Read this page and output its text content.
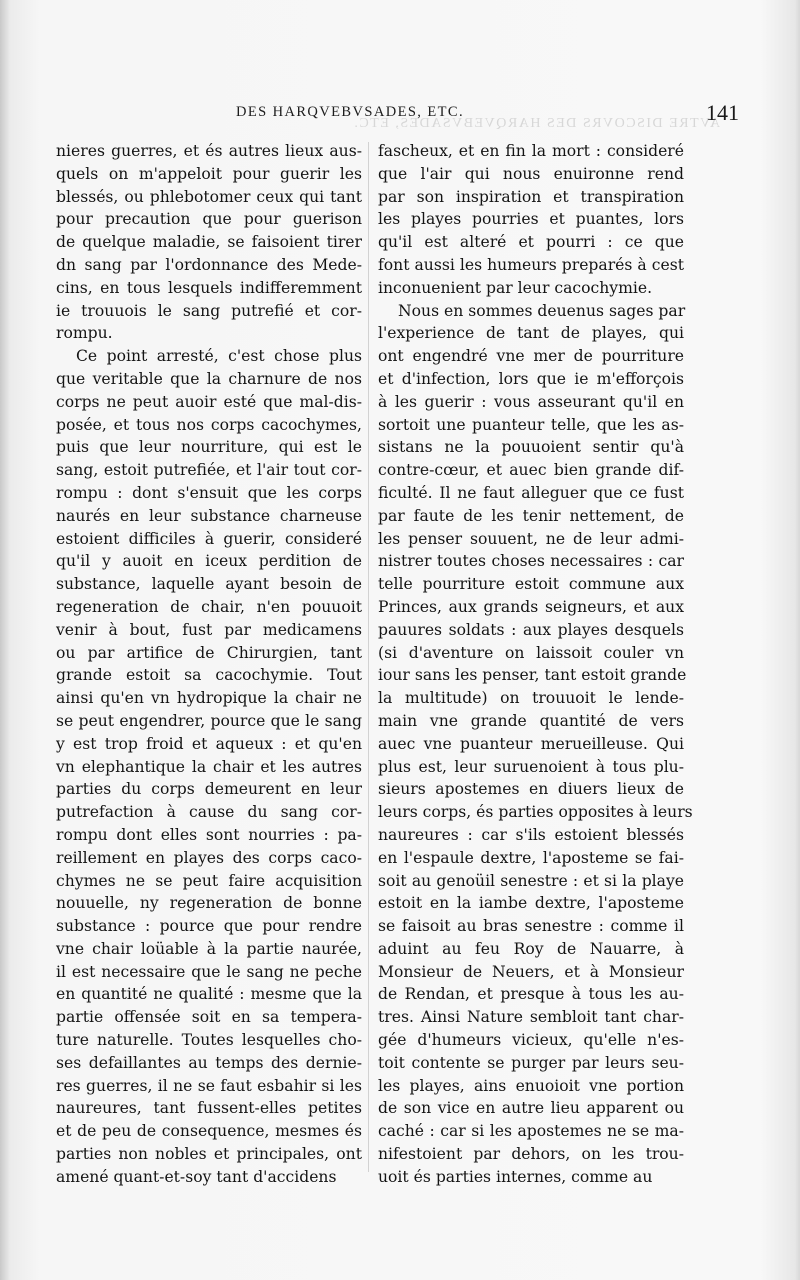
AVTRE DISCOVRS DES HARQVEBVSADES, ETC.
DES HARQVEBVSADES, ETC.	141
nieres guerres, et és autres lieux aus-
quels on m'appeloit pour guerir les
blessés, ou phlebotomer ceux qui tant
pour precaution que pour guerison
de quelque maladie, se faisoient tirer
dn sang par l'ordonnance des Mede-
cins, en tous lesquels indifferemment
ie trouuois le sang putrefié et cor-
rompu.
Ce point arresté, c'est chose plus
que veritable que la charnure de nos
corps ne peut auoir esté que mal-dis-
posée, et tous nos corps cacochymes,
puis que leur nourriture, qui est le
sang, estoit putrefiée, et l'air tout cor-
rompu : dont s'ensuit que les corps
naurés en leur substance charneuse
estoient difficiles à guerir, consideré
qu'il y auoit en iceux perdition de
substance, laquelle ayant besoin de
regeneration de chair, n'en pouuoit
venir à bout, fust par medicamens
ou par artifice de Chirurgien, tant
grande estoit sa cacochymie. Tout
ainsi qu'en vn hydropique la chair ne
se peut engendrer, pource que le sang
y est trop froid et aqueux : et qu'en
vn elephantique la chair et les autres
parties du corps demeurent en leur
putrefaction à cause du sang cor-
rompu dont elles sont nourries : pa-
reillement en playes des corps caco-
chymes ne se peut faire acquisition
nouuelle, ny regeneration de bonne
substance : pource que pour rendre
vne chair loüable à la partie naurée,
il est necessaire que le sang ne peche
en quantité ne qualité : mesme que la
partie offensée soit en sa tempera-
ture naturelle. Toutes lesquelles cho-
ses defaillantes au temps des dernie-
res guerres, il ne se faut esbahir si les
naureures, tant fussent-elles petites
et de peu de consequence, mesmes és
parties non nobles et principales, ont
amené quant-et-soy tant d'accidens
fascheux, et en fin la mort : consideré
que l'air qui nous enuironne rend
par son inspiration et transpiration
les playes pourries et puantes, lors
qu'il est alteré et pourri : ce que
font aussi les humeurs preparés à cest
inconuenient par leur cacochymie.
Nous en sommes deuenus sages par
l'experience de tant de playes, qui
ont engendré vne mer de pourriture
et d'infection, lors que ie m'efforçois
à les guerir : vous asseurant qu'il en
sortoit une puanteur telle, que les as-
sistans ne la pouuoient sentir qu'à
contre-cœur, et auec bien grande dif-
ficulté. Il ne faut alleguer que ce fust
par faute de les tenir nettement, de
les penser souuent, ne de leur admi-
nistrer toutes choses necessaires : car
telle pourriture estoit commune aux
Princes, aux grands seigneurs, et aux
pauures soldats : aux playes desquels
(si d'aventure on laissoit couler vn
iour sans les penser, tant estoit grande
la multitude) on trouuoit le lende-
main vne grande quantité de vers
auec vne puanteur merueilleuse. Qui
plus est, leur suruenoient à tous plu-
sieurs apostemes en diuers lieux de
leurs corps, és parties opposites à leurs
naureures : car s'ils estoient blessés
en l'espaule dextre, l'aposteme se fai-
soit au genoüil senestre : et si la playe
estoit en la iambe dextre, l'aposteme
se faisoit au bras senestre : comme il
aduint au feu Roy de Nauarre, à
Monsieur de Neuers, et à Monsieur
de Rendan, et presque à tous les au-
tres. Ainsi Nature sembloit tant char-
gée d'humeurs vicieux, qu'elle n'es-
toit contente se purger par leurs seu-
les playes, ains enuoioit vne portion
de son vice en autre lieu apparent ou
caché : car si les apostemes ne se ma-
nifestoient par dehors, on les trou-
uoit és parties internes, comme au
